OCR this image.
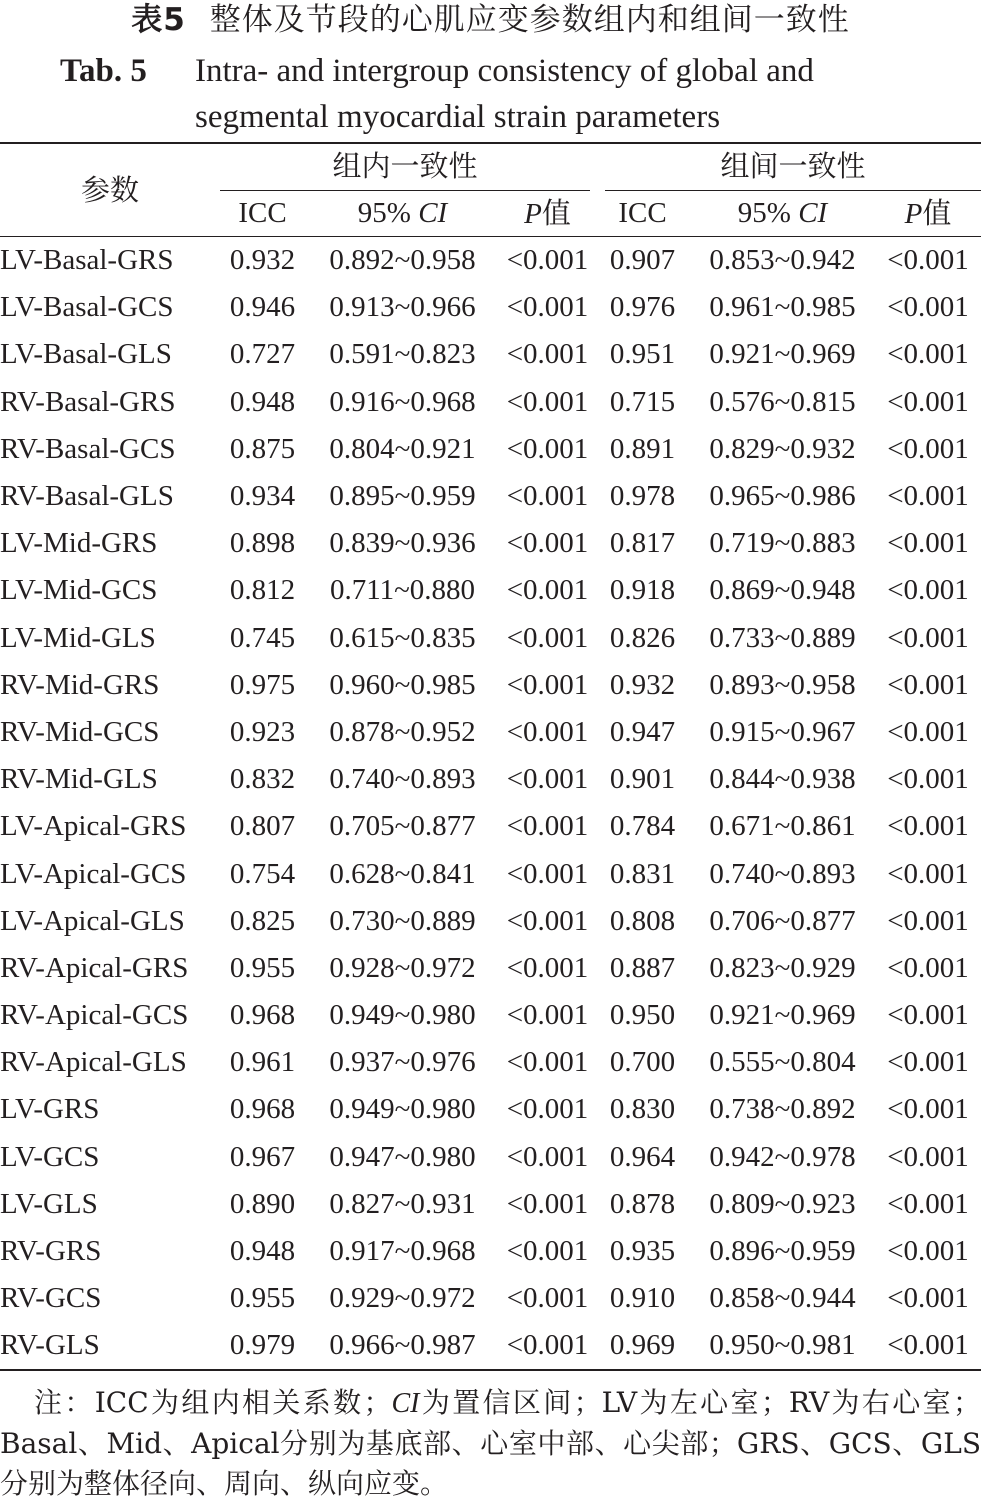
表5 整体及节段的心肌应变参数组内和组间一致性
Tab. 5 Intra- and intergroup consistency of global and
segmental myocardial strain parameters
参数
组内一致性	组间一致性
ICC	95% CI	P值	ICC	95% CI	P值
LV-Basal-GRS	0.932	0.892~0.958	<0.001	0.907	0.853~0.942	<0.001
LV-Basal-GCS	0.946	0.913~0.966	<0.001	0.976	0.961~0.985	<0.001
LV-Basal-GLS	0.727	0.591~0.823	<0.001	0.951	0.921~0.969	<0.001
RV-Basal-GRS	0.948	0.916~0.968	<0.001	0.715	0.576~0.815	<0.001
RV-Basal-GCS	0.875	0.804~0.921	<0.001	0.891	0.829~0.932	<0.001
RV-Basal-GLS	0.934	0.895~0.959	<0.001	0.978	0.965~0.986	<0.001
LV-Mid-GRS	0.898	0.839~0.936	<0.001	0.817	0.719~0.883	<0.001
LV-Mid-GCS	0.812	0.711~0.880	<0.001	0.918	0.869~0.948	<0.001
LV-Mid-GLS	0.745	0.615~0.835	<0.001	0.826	0.733~0.889	<0.001
RV-Mid-GRS	0.975	0.960~0.985	<0.001	0.932	0.893~0.958	<0.001
RV-Mid-GCS	0.923	0.878~0.952	<0.001	0.947	0.915~0.967	<0.001
RV-Mid-GLS	0.832	0.740~0.893	<0.001	0.901	0.844~0.938	<0.001
LV-Apical-GRS	0.807	0.705~0.877	<0.001	0.784	0.671~0.861	<0.001
LV-Apical-GCS	0.754	0.628~0.841	<0.001	0.831	0.740~0.893	<0.001
LV-Apical-GLS	0.825	0.730~0.889	<0.001	0.808	0.706~0.877	<0.001
RV-Apical-GRS	0.955	0.928~0.972	<0.001	0.887	0.823~0.929	<0.001
RV-Apical-GCS	0.968	0.949~0.980	<0.001	0.950	0.921~0.969	<0.001
RV-Apical-GLS	0.961	0.937~0.976	<0.001	0.700	0.555~0.804	<0.001
LV-GRS	0.968	0.949~0.980	<0.001	0.830	0.738~0.892	<0.001
LV-GCS	0.967	0.947~0.980	<0.001	0.964	0.942~0.978	<0.001
LV-GLS	0.890	0.827~0.931	<0.001	0.878	0.809~0.923	<0.001
RV-GRS	0.948	0.917~0.968	<0.001	0.935	0.896~0.959	<0.001
RV-GCS	0.955	0.929~0.972	<0.001	0.910	0.858~0.944	<0.001
RV-GLS	0.979	0.966~0.987	<0.001	0.969	0.950~0.981	<0.001

注：ICC为组内相关系数；CI为置信区间；LV为左心室；RV为右心室；Basal、Mid、Apical分别为基底部、心室中部、心尖部；GRS、GCS、GLS分别为整体径向、周向、纵向应变。
